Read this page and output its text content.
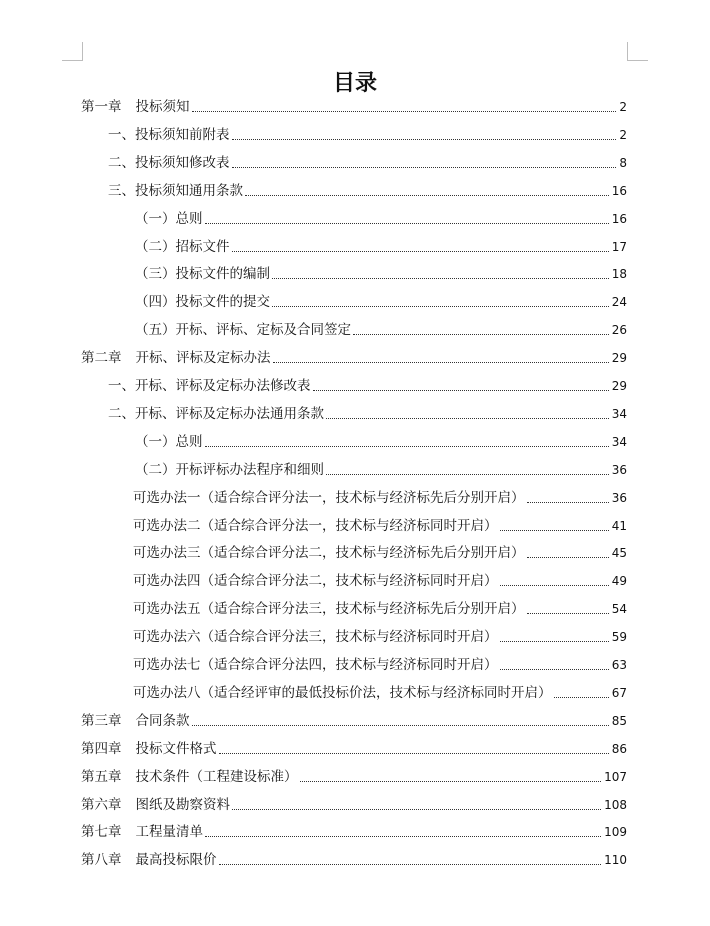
目录
第一章 投标须知	2
一、投标须知前附表	2
二、投标须知修改表	8
三、投标须知通用条款	16
（一）总则	16
（二）招标文件	17
（三）投标文件的编制	18
（四）投标文件的提交	24
（五）开标、评标、定标及合同签定	26
第二章 开标、评标及定标办法	29
一、开标、评标及定标办法修改表	29
二、开标、评标及定标办法通用条款	34
（一）总则	34
（二）开标评标办法程序和细则	36
可选办法一（适合综合评分法一，技术标与经济标先后分别开启）	36
可选办法二（适合综合评分法一，技术标与经济标同时开启）	41
可选办法三（适合综合评分法二，技术标与经济标先后分别开启）	45
可选办法四（适合综合评分法二，技术标与经济标同时开启）	49
可选办法五（适合综合评分法三，技术标与经济标先后分别开启）	54
可选办法六（适合综合评分法三，技术标与经济标同时开启）	59
可选办法七（适合综合评分法四，技术标与经济标同时开启）	63
可选办法八（适合经评审的最低投标价法，技术标与经济标同时开启）	67
第三章 合同条款	85
第四章 投标文件格式	86
第五章 技术条件（工程建设标准）	107
第六章 图纸及勘察资料	108
第七章 工程量清单	109
第八章 最高投标限价	110
